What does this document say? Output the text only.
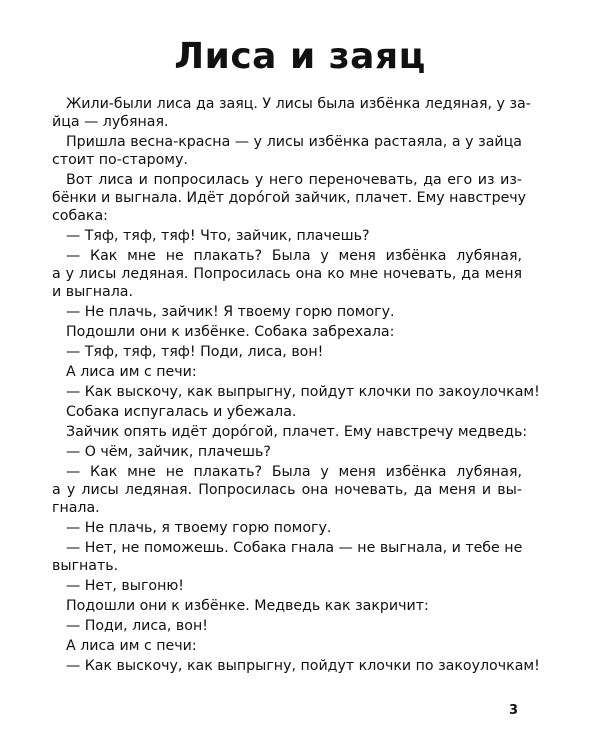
Лиса и заяц
Жили-были лиса да заяц. У лисы была избёнка ледяная, у за-
йца — лубяная.
Пришла весна-красна — у лисы избёнка растаяла, а у зайца
стоит по-старому.
Вот лиса и попросилась у него переночевать, да его из из-
бёнки и выгнала. Идёт доро́гой зайчик, плачет. Ему навстречу
собака:
— Тяф, тяф, тяф! Что, зайчик, плачешь?
— Как мне не плакать? Была у меня избёнка лубяная,
а у лисы ледяная. Попросилась она ко мне ночевать, да меня
и выгнала.
— Не плачь, зайчик! Я твоему горю помогу.
Подошли они к избёнке. Собака забрехала:
— Тяф, тяф, тяф! Поди, лиса, вон!
А лиса им с печи:
— Как выскочу, как выпрыгну, пойдут клочки по закоулочкам!
Собака испугалась и убежала.
Зайчик опять идёт доро́гой, плачет. Ему навстречу медведь:
— О чём, зайчик, плачешь?
— Как мне не плакать? Была у меня избёнка лубяная,
а у лисы ледяная. Попросилась она ночевать, да меня и вы-
гнала.
— Не плачь, я твоему горю помогу.
— Нет, не поможешь. Собака гнала — не выгнала, и тебе не
выгнать.
— Нет, выгоню!
Подошли они к избёнке. Медведь как закричит:
— Поди, лиса, вон!
А лиса им с печи:
— Как выскочу, как выпрыгну, пойдут клочки по закоулочкам!
3
